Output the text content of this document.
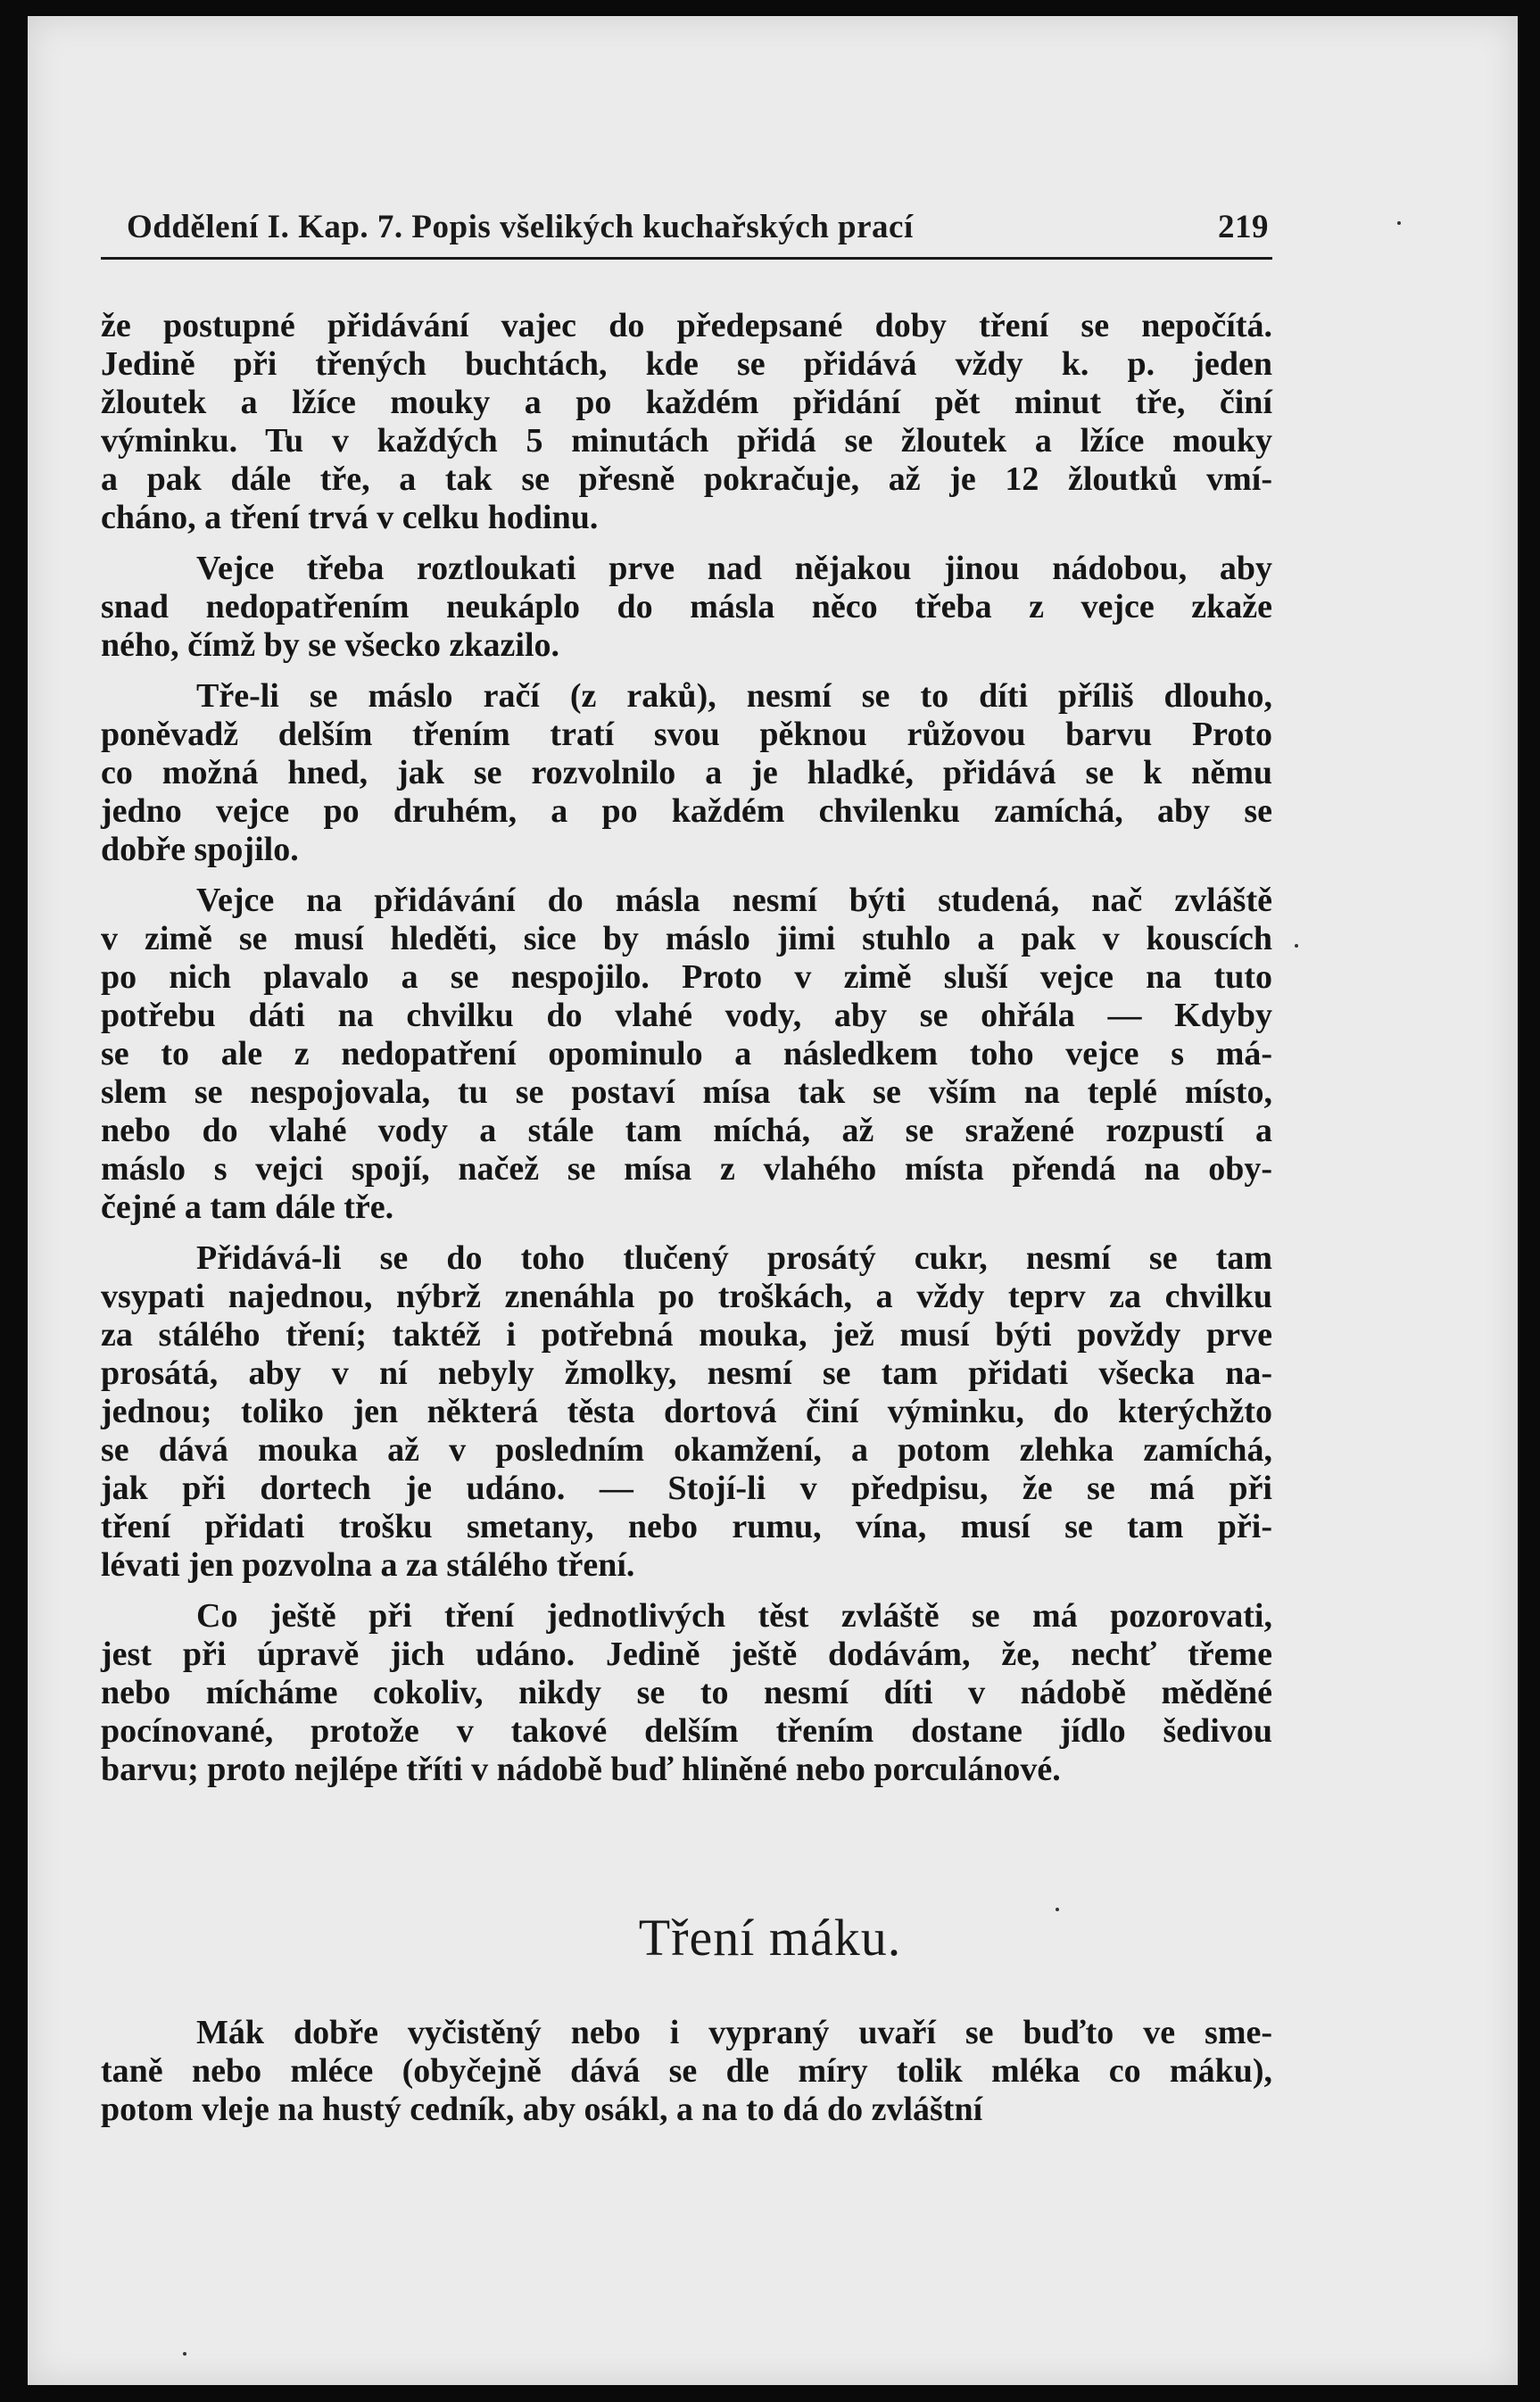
Oddělení I. Kap. 7. Popis všelikých kuchařských prací	219

že postupné přidávání vajec do předepsané doby tření se nepočítá.
Jedině při třených buchtách, kde se přidává vždy k. p. jeden
žloutek a lžíce mouky a po každém přidání pět minut tře, činí
výminku. Tu v každých 5 minutách přidá se žloutek a lžíce mouky
a pak dále tře, a tak se přesně pokračuje, až je 12 žloutků vmí-
cháno, a tření trvá v celku hodinu.

Vejce třeba roztloukati prve nad nějakou jinou nádobou, aby
snad nedopatřením neukáplo do másla něco třeba z vejce zkaže
ného, čímž by se všecko zkazilo.

Tře-li se máslo račí (z raků), nesmí se to díti příliš dlouho,
poněvadž delším třením tratí svou pěknou růžovou barvu Proto
co možná hned, jak se rozvolnilo a je hladké, přidává se k němu
jedno vejce po druhém, a po každém chvilenku zamíchá, aby se
dobře spojilo.

Vejce na přidávání do másla nesmí býti studená, nač zvláště
v zimě se musí hleděti, sice by máslo jimi stuhlo a pak v kouscích
po nich plavalo a se nespojilo. Proto v zimě sluší vejce na tuto
potřebu dáti na chvilku do vlahé vody, aby se ohřála — Kdyby
se to ale z nedopatření opominulo a následkem toho vejce s má-
slem se nespojovala, tu se postaví mísa tak se vším na teplé místo,
nebo do vlahé vody a stále tam míchá, až se sražené rozpustí a
máslo s vejci spojí, načež se mísa z vlahého místa přendá na oby-
čejné a tam dále tře.

Přidává-li se do toho tlučený prosátý cukr, nesmí se tam
vsypati najednou, nýbrž znenáhla po troškách, a vždy teprv za chvilku
za stálého tření; taktéž i potřebná mouka, jež musí býti povždy prve
prosátá, aby v ní nebyly žmolky, nesmí se tam přidati všecka na-
jednou; toliko jen některá těsta dortová činí výminku, do kterýchžto
se dává mouka až v posledním okamžení, a potom zlehka zamíchá,
jak při dortech je udáno. — Stojí-li v předpisu, že se má při
tření přidati trošku smetany, nebo rumu, vína, musí se tam při-
lévati jen pozvolna a za stálého tření.

Co ještě při tření jednotlivých těst zvláště se má pozorovati,
jest při úpravě jich udáno. Jedině ještě dodávám, že, nechť třeme
nebo mícháme cokoliv, nikdy se to nesmí díti v nádobě měděné
pocínované, protože v takové delším třením dostane jídlo šedivou
barvu; proto nejlépe tříti v nádobě buď hliněné nebo porculánové.

Tření máku.

Mák dobře vyčistěný nebo i vypraný uvaří se buďto ve sme-
taně nebo mléce (obyčejně dává se dle míry tolik mléka co máku),
potom vleje na hustý cedník, aby osákl, a na to dá do zvláštní
